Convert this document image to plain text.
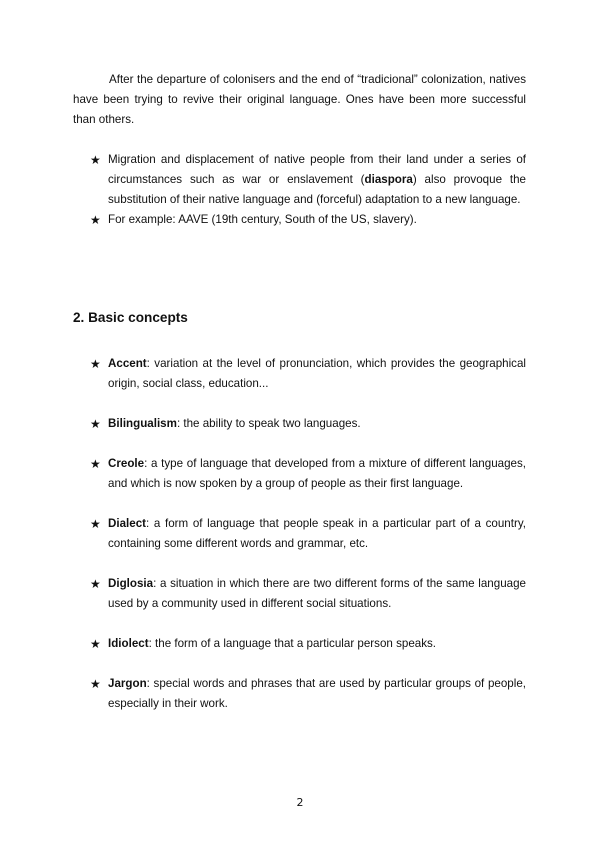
After the departure of colonisers and the end of “tradicional” colonization, natives have been trying to revive their original language. Ones have been more successful than others.

★ Migration and displacement of native people from their land under a series of circumstances such as war or enslavement (diaspora) also provoque the substitution of their native language and (forceful) adaptation to a new language.
★ For example: AAVE (19th century, South of the US, slavery).
2. Basic concepts
★ Accent: variation at the level of pronunciation, which provides the geographical origin, social class, education...
★ Bilingualism: the ability to speak two languages.
★ Creole: a type of language that developed from a mixture of different languages, and which is now spoken by a group of people as their first language.
★ Dialect: a form of language that people speak in a particular part of a country, containing some different words and grammar, etc.
★ Diglosia: a situation in which there are two different forms of the same language used by a community used in different social situations.
★ Idiolect: the form of a language that a particular person speaks.
★ Jargon: special words and phrases that are used by particular groups of people, especially in their work.
2
